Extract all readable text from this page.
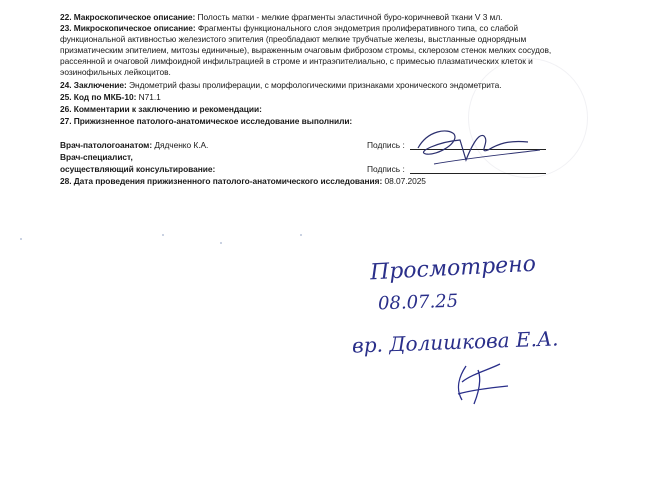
22. Макроскопическое описание: Полость матки - мелкие фрагменты эластичной буро-коричневой ткани V 3 мл.
23. Микроскопическое описание: Фрагменты функционального слоя эндометрия пролиферативного типа, со слабой
функциональной активностью железистого эпителия (преобладают мелкие трубчатые железы, выстланные однорядным
призматическим эпителием, митозы единичные), выраженным очаговым фиброзом стромы, склерозом стенок мелких сосудов,
рассеянной и очаговой лимфоидной инфильтрацией в строме и интраэпителиально, с примесью плазматических клеток и
эозинофильных лейкоцитов.
24. Заключение: Эндометрий фазы пролиферации, с морфологическими признаками хронического эндометрита.
25. Код по МКБ-10: N71.1
26. Комментарии к заключению и рекомендации:
27. Прижизненное патолого-анатомическое исследование выполнили:
Врач-патологоанатом: Дядченко К.А.	Подпись :
Врач-специалист,
осуществляющий консультирование:	Подпись :
28. Дата проведения прижизненного патолого-анатомического исследования: 08.07.2025
Просмотрено
08.07.25
вр. Долишкова Е.А.
